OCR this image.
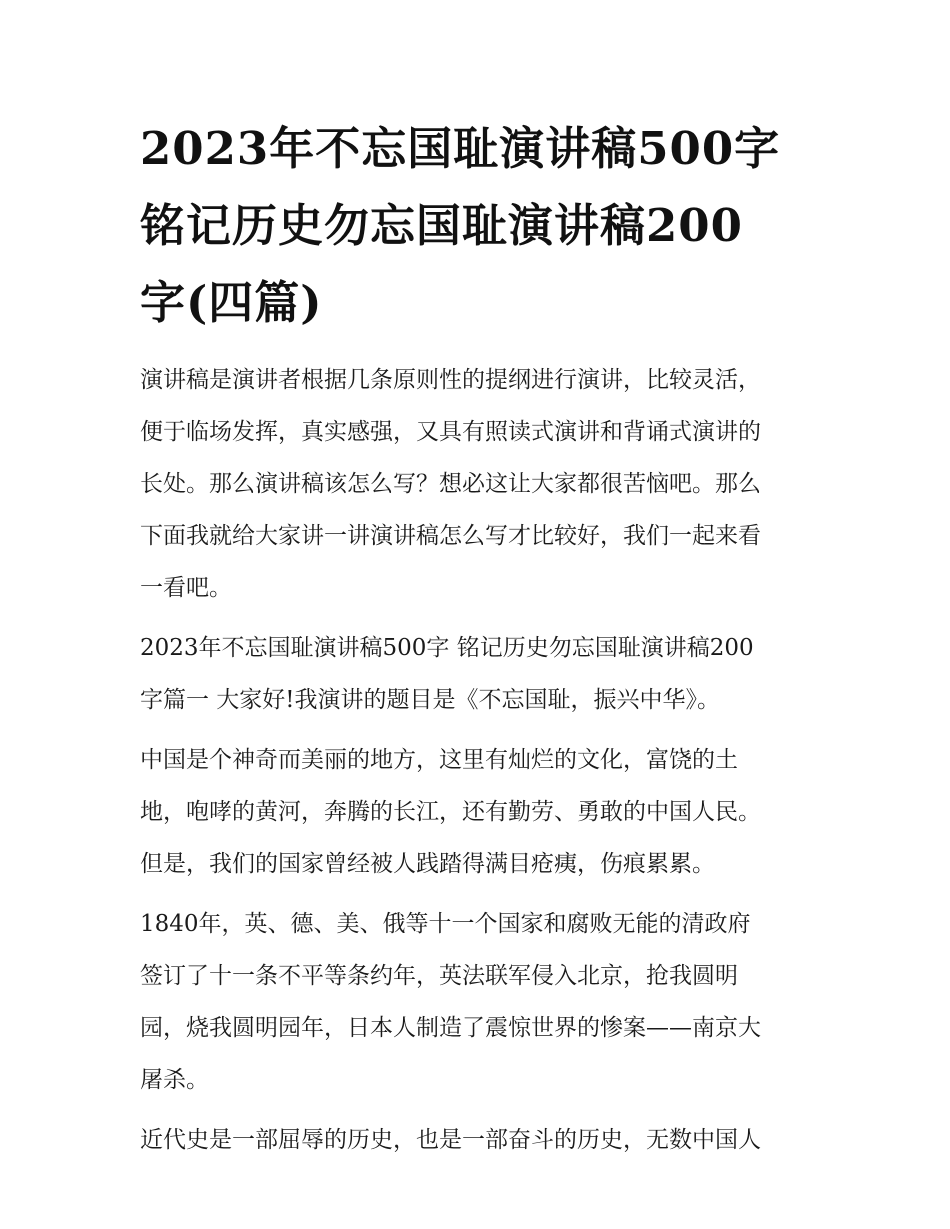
2023年不忘国耻演讲稿500字
铭记历史勿忘国耻演讲稿200
字(四篇)

演讲稿是演讲者根据几条原则性的提纲进行演讲，比较灵活，
便于临场发挥，真实感强，又具有照读式演讲和背诵式演讲的
长处。那么演讲稿该怎么写？想必这让大家都很苦恼吧。那么
下面我就给大家讲一讲演讲稿怎么写才比较好，我们一起来看
一看吧。

2023年不忘国耻演讲稿500字 铭记历史勿忘国耻演讲稿200
字篇一 大家好!我演讲的题目是《不忘国耻，振兴中华》。

中国是个神奇而美丽的地方，这里有灿烂的文化，富饶的土
地，咆哮的黄河，奔腾的长江，还有勤劳、勇敢的中国人民。
但是，我们的国家曾经被人践踏得满目疮痍，伤痕累累。

1840年，英、德、美、俄等十一个国家和腐败无能的清政府
签订了十一条不平等条约年，英法联军侵入北京，抢我圆明
园，烧我圆明园年，日本人制造了震惊世界的惨案——南京大
屠杀。

近代史是一部屈辱的历史，也是一部奋斗的历史，无数中国人
